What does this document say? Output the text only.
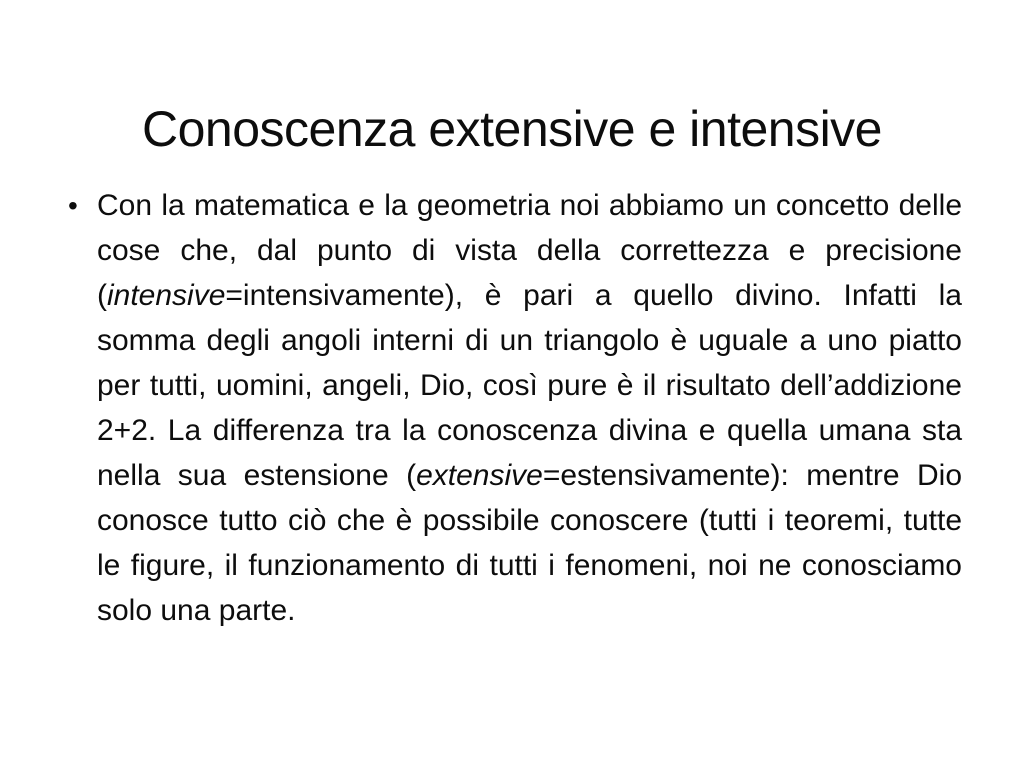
Conoscenza extensive e intensive
• Con la matematica e la geometria noi abbiamo un concetto delle cose che, dal punto di vista della correttezza e precisione (intensive=intensivamente), è pari a quello divino. Infatti la somma degli angoli interni di un triangolo è uguale a uno piatto per tutti, uomini, angeli, Dio, così pure è il risultato dell’addizione 2+2. La differenza tra la conoscenza divina e quella umana sta nella sua estensione (extensive=estensivamente): mentre Dio conosce tutto ciò che è possibile conoscere (tutti i teoremi, tutte le figure, il funzionamento di tutti i fenomeni, noi ne conosciamo solo una parte.
